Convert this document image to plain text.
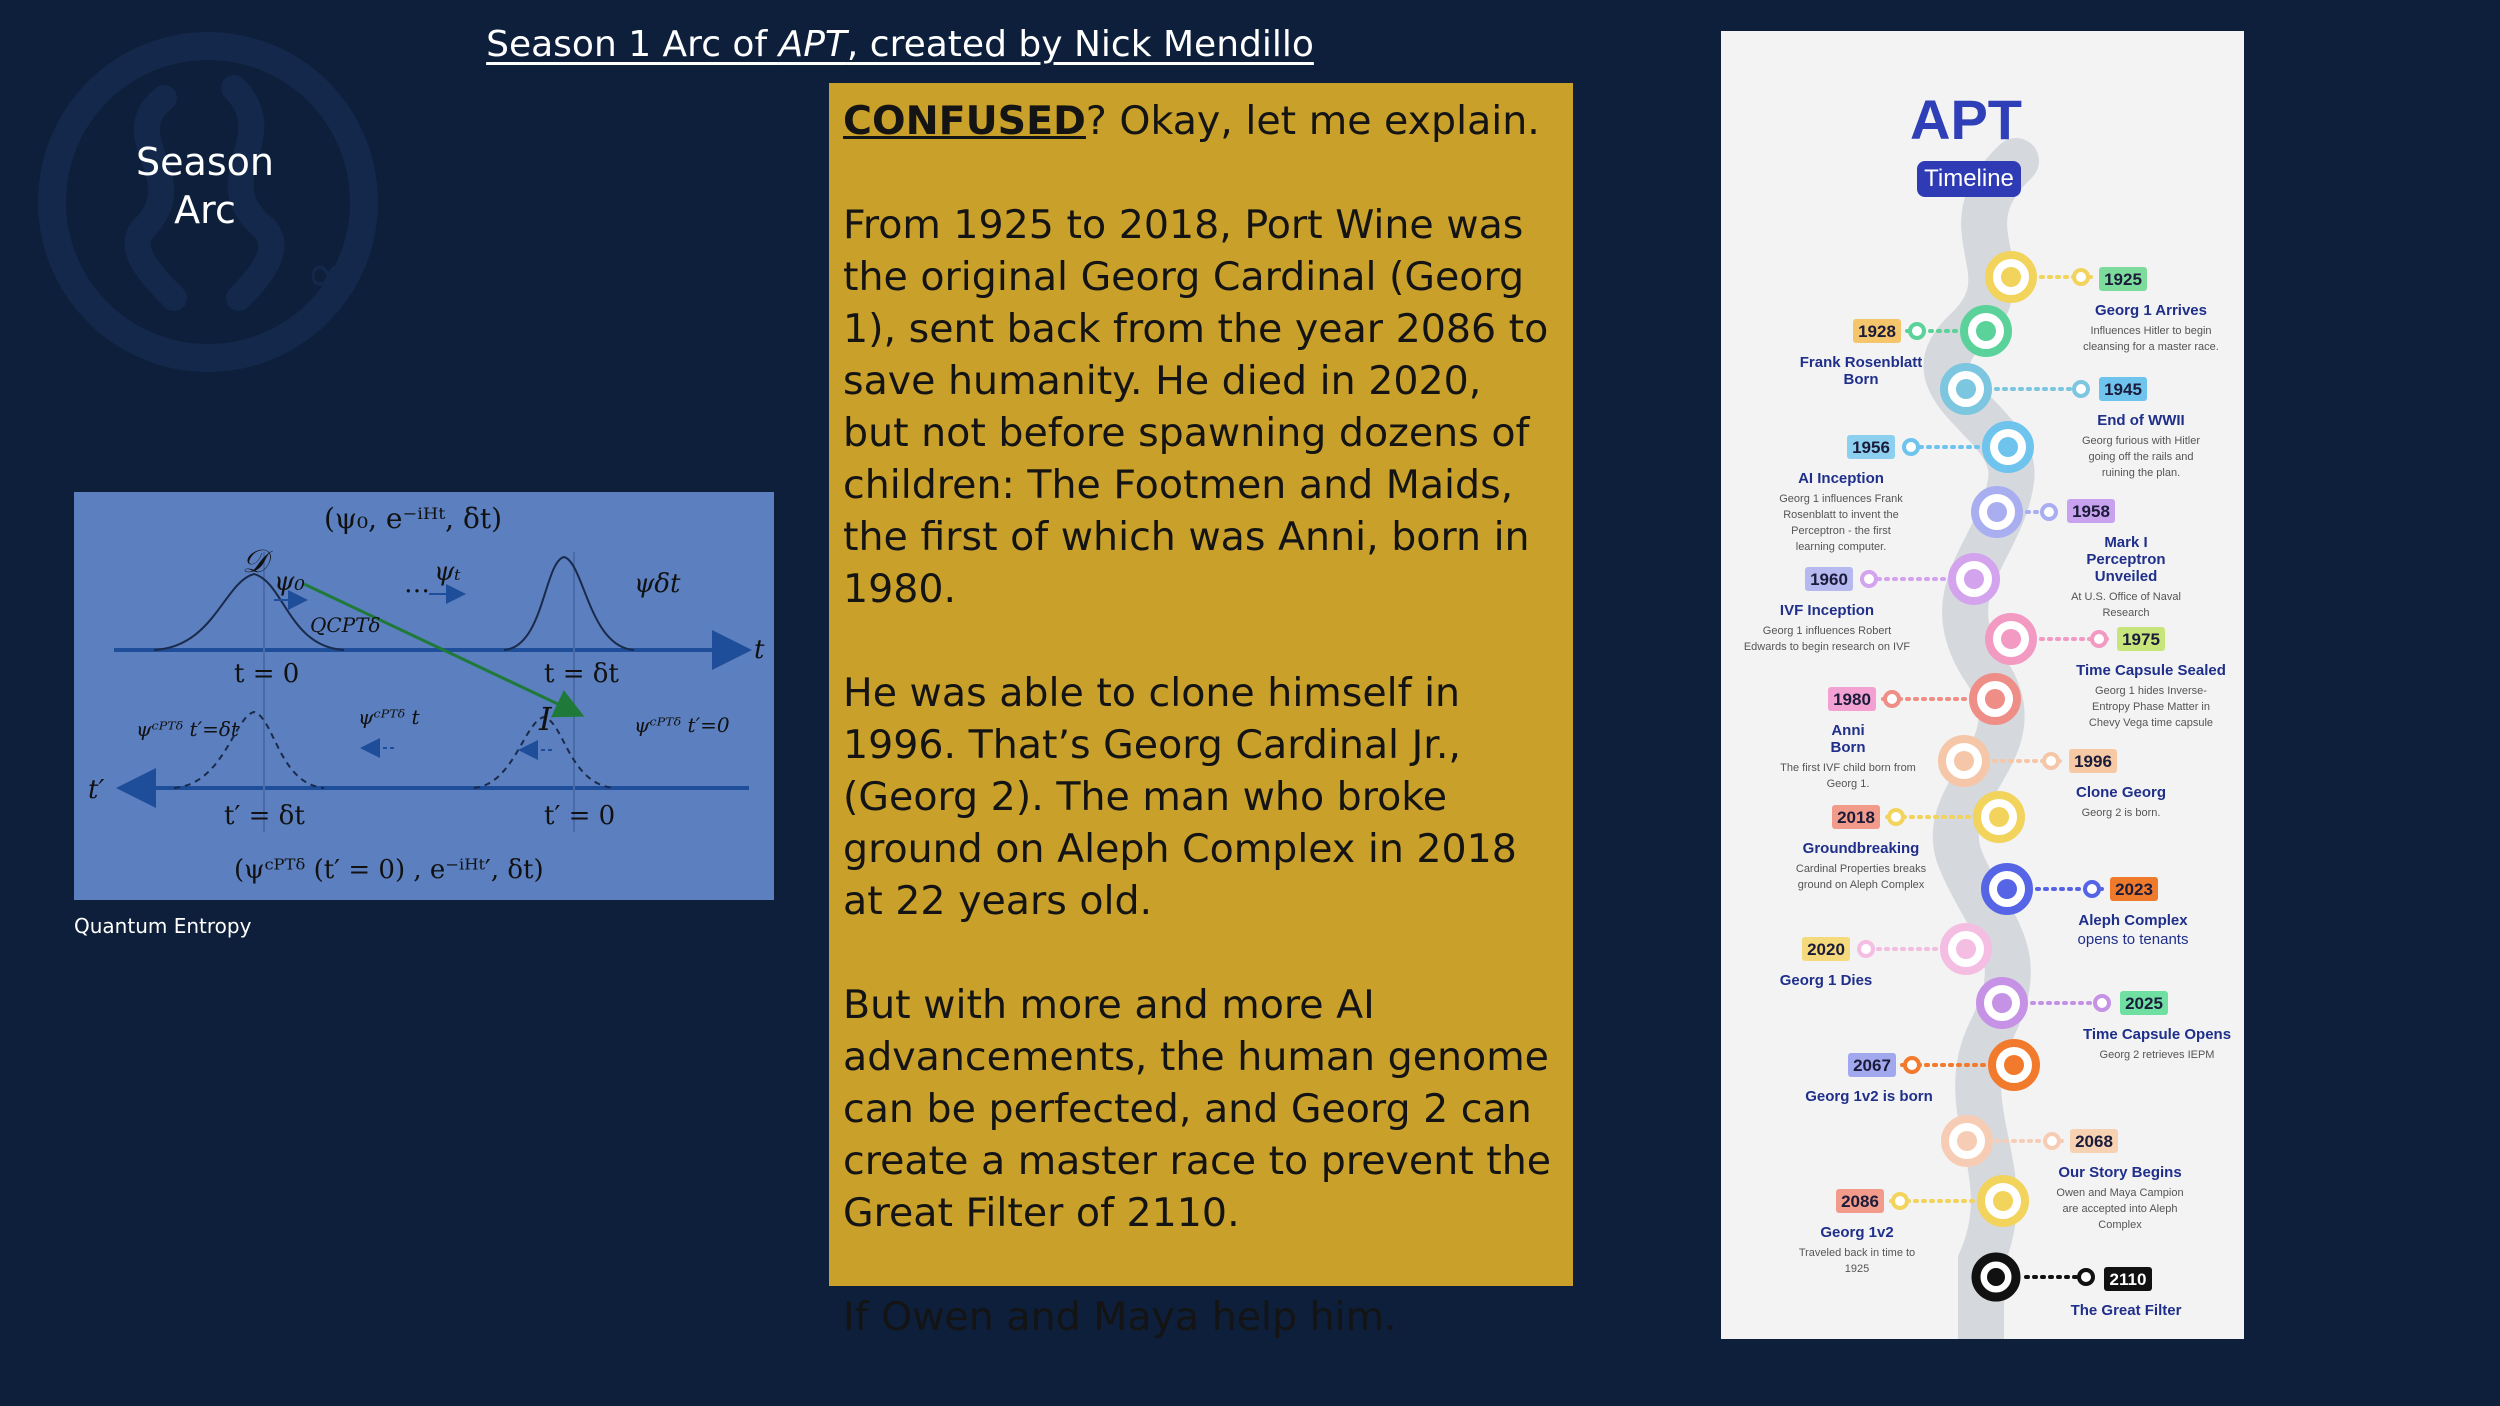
∞
Season
Arc
Season 1 Arc of APT, created by Nick Mendillo
(ψ₀, e⁻ⁱᴴᵗ, δt)
t
t′
𝒟
ψ₀	… ψₜ	ψδt
QCPTδ
t = 0	t = δt
𝐼
ψᶜᴾᵀᵟ t′=δt	ψᶜᴾᵀᵟ t	ψᶜᴾᵀᵟ t′=0
t′ = δt	t′ = 0
(ψᶜᴾᵀᵟ (t′ = 0) , e⁻ⁱᴴᵗ′, δt)
Quantum Entropy

CONFUSED? Okay, let me explain.

From 1925 to 2018, Port Wine was the original Georg Cardinal (Georg 1), sent back from the year 2086 to save humanity. He died in 2020, but not before spawning dozens of children: The Footmen and Maids, the first of which was Anni, born in 1980.

He was able to clone himself in 1996. That’s Georg Cardinal Jr., (Georg 2). The man who broke ground on Aleph Complex in 2018 at 22 years old.

But with more and more AI advancements, the human genome can be perfected, and Georg 2 can create a master race to prevent the Great Filter of 2110.

If Owen and Maya help him.

APT
Timeline
1925
Georg 1 Arrives
Influences Hitler to begin
cleansing for a master race.
1928
Frank Rosenblatt
Born
1945
End of WWII
Georg furious with Hitler
going off the rails and
ruining the plan.
1956
AI Inception
Georg 1 influences Frank
Rosenblatt to invent the
Perceptron - the first
learning computer.
1958
Mark I
Perceptron
Unveiled
At U.S. Office of Naval
Research
1960
IVF Inception
Georg 1 influences Robert
Edwards to begin research on IVF	1975
Time Capsule Sealed
Georg 1 hides Inverse-
Entropy Phase Matter in
Chevy Vega time capsule
1980
Anni
Born
The first IVF child born from
Georg 1.
1996
Clone Georg
Georg 2 is born.
2018
Groundbreaking
Cardinal Properties breaks
ground on Aleph Complex	2023
Aleph Complex
opens to tenants
2020
Georg 1 Dies
2025
Time Capsule Opens
Georg 2 retrieves IEPM
2067
Georg 1v2 is born
2068
Our Story Begins
Owen and Maya Campion
are accepted into Aleph
Complex
2086
Georg 1v2
Traveled back in time to
1925
2110
The Great Filter
